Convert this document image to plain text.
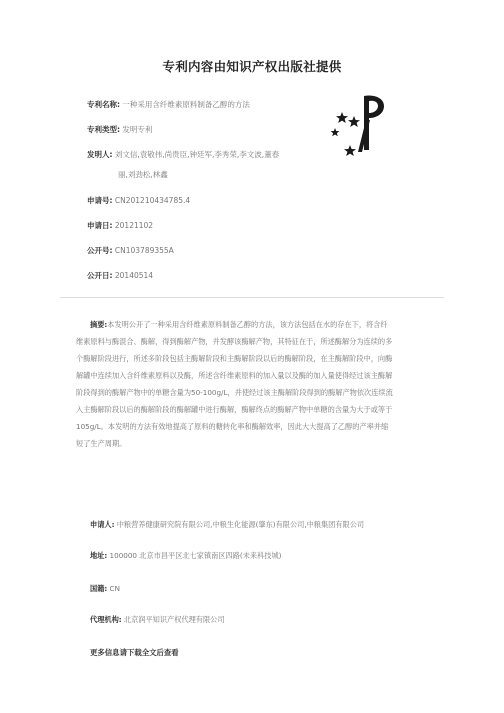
专利内容由知识产权出版社提供
专利名称: 一种采用含纤维素原料制备乙醇的方法
专利类型: 发明专利
发明人: 刘文信,袁敬伟,尚贵臣,钟廷军,李秀荣,李文波,董春
丽,刘劲松,林鑫
申请号: CN201210434785.4
申请日: 20121102
公开号: CN103789355A
公开日: 20140514
摘要:本发明公开了一种采用含纤维素原料制备乙醇的方法，该方法包括在水的存在下，将含纤
维素原料与酶混合、酶解，得到酶解产物，并发酵该酶解产物，其特征在于，所述酶解分为连续的多
个酶解阶段进行，所述多阶段包括主酶解阶段和主酶解阶段以后的酶解阶段，在主酶解阶段中，向酶
解罐中连续加入含纤维素原料以及酶，所述含纤维素原料的加入量以及酶的加入量使得经过该主酶解
阶段得到的酶解产物中的单糖含量为50-100g/L，并使经过该主酶解阶段得到的酶解产物依次连续流
入主酶解阶段以后的酶解阶段的酶解罐中进行酶解，酶解终点的酶解产物中单糖的含量为大于或等于
105g/L。本发明的方法有效地提高了原料的糖转化率和酶解效率，因此大大提高了乙醇的产率并缩
短了生产周期。
申请人: 中粮营养健康研究院有限公司,中粮生化能源(肇东)有限公司,中粮集团有限公司
地址: 100000 北京市昌平区北七家镇南区四路(未来科技城)
国籍: CN
代理机构: 北京润平知识产权代理有限公司
更多信息请下载全文后查看
